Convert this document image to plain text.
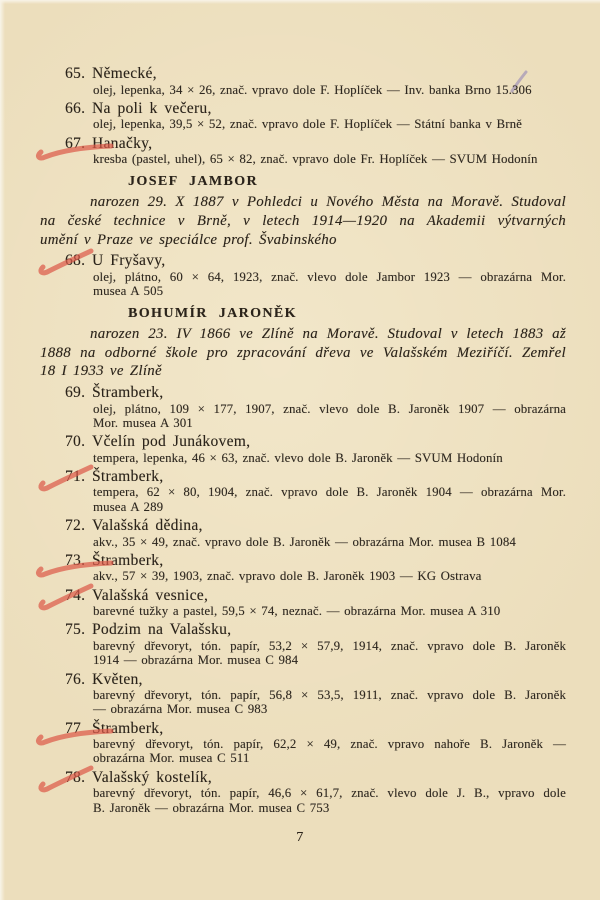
65. Německé,
olej, lepenka, 34 × 26, znač. vpravo dole F. Hoplíček — Inv. banka Brno 15.306
66. Na poli k večeru,
olej, lepenka, 39,5 × 52, znač. vpravo dole F. Hoplíček — Státní banka v Brně
67. Hanačky,
kresba (pastel, uhel), 65 × 82, znač. vpravo dole Fr. Hoplíček — SVUM Hodonín
JOSEF JAMBOR
narozen 29. X 1887 v Pohledci u Nového Města na Moravě. Studoval
na české technice v Brně, v letech 1914—1920 na Akademii výtvarných
umění v Praze ve speciálce prof. Švabinského
68. U Fryšavy,
olej, plátno, 60 × 64, 1923, znač. vlevo dole Jambor 1923 — obrazárna Mor.
musea A 505
BOHUMÍR JARONĚK
narozen 23. IV 1866 ve Zlíně na Moravě. Studoval v letech 1883 až
1888 na odborné škole pro zpracování dřeva ve Valašském Meziříčí. Zemřel
18 I 1933 ve Zlíně
69. Štramberk,
olej, plátno, 109 × 177, 1907, znač. vlevo dole B. Jaroněk 1907 — obrazárna
Mor. musea A 301
70. Včelín pod Junákovem,
tempera, lepenka, 46 × 63, znač. vlevo dole B. Jaroněk — SVUM Hodonín
71. Štramberk,
tempera, 62 × 80, 1904, znač. vpravo dole B. Jaroněk 1904 — obrazárna Mor.
musea A 289
72. Valašská dědina,
akv., 35 × 49, znač. vpravo dole B. Jaroněk — obrazárna Mor. musea B 1084
73. Štramberk,
akv., 57 × 39, 1903, znač. vpravo dole B. Jaroněk 1903 — KG Ostrava
74. Valašská vesnice,
barevné tužky a pastel, 59,5 × 74, neznač. — obrazárna Mor. musea A 310
75. Podzim na Valašsku,
barevný dřevoryt, tón. papír, 53,2 × 57,9, 1914, znač. vpravo dole B. Jaroněk
1914 — obrazárna Mor. musea C 984
76. Květen,
barevný dřevoryt, tón. papír, 56,8 × 53,5, 1911, znač. vpravo dole B. Jaroněk
— obrazárna Mor. musea C 983
77 Štramberk,
barevný dřevoryt, tón. papír, 62,2 × 49, znač. vpravo nahoře B. Jaroněk —
obrazárna Mor. musea C 511
78. Valašský kostelík,
barevný dřevoryt, tón. papír, 46,6 × 61,7, znač. vlevo dole J. B., vpravo dole
B. Jaroněk — obrazárna Mor. musea C 753
7
